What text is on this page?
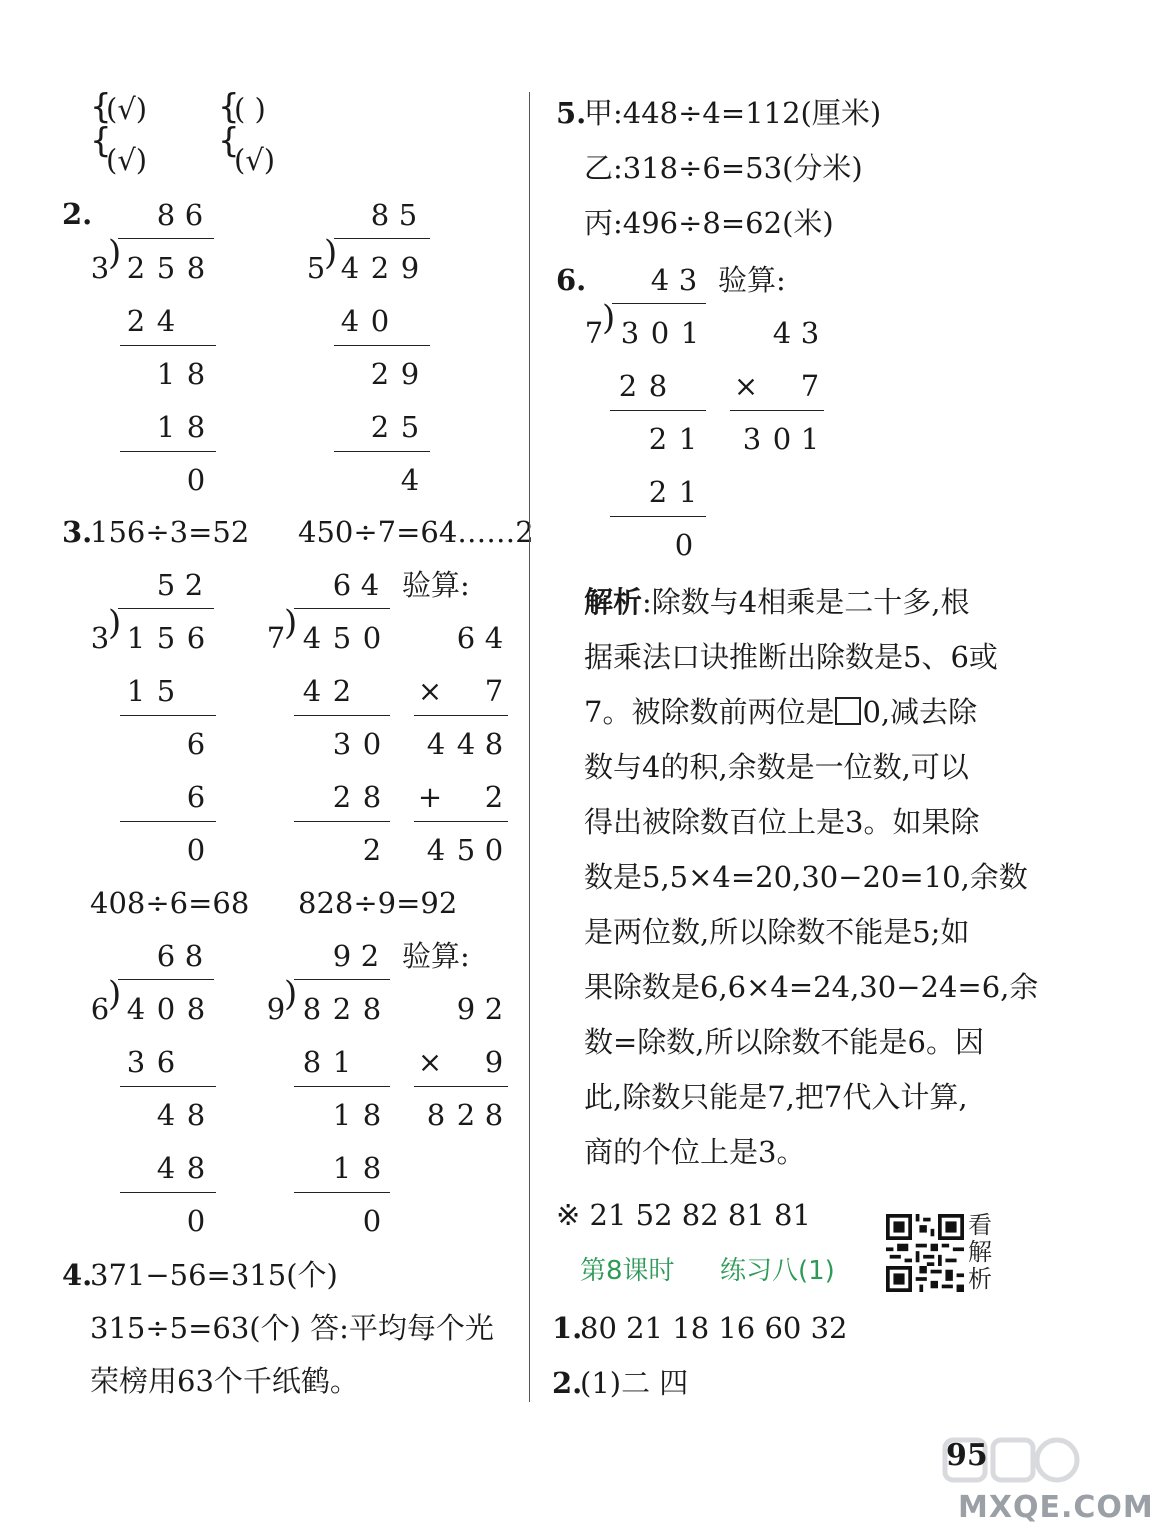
{
{
(√)
(√)
{
{
( )
(√)
2. 8 6
)
3 2 5 8
2 4
1 8
1 8
0
8 5
)
5 4 2 9
4 0
2 9
2 5
4
3.
156÷3=52 450÷7=64……2
5 2
)
3 1 5 6
1 5
6
6
0
6 4 验算:
)
7 4 5 0
4 2
3 0
2 8
2
6 4
× 7
4 4 8
+ 2
4 5 0
408÷6=68 828÷9=92
6 8
)
6 4 0 8
3 6
4 8
4 8
0
9 2 验算:
)
9 8 2 8
8 1
1 8
1 8
0
9 2
× 9
8 2 8
4.
371−56=315(个)
315÷5=63(个) 答:平均每个光
荣榜用63个千纸鹤。
5.
甲:448÷4=112(厘米)
乙:318÷6=53(分米)
丙:496÷8=62(米)
6. 4 3 验算:
)
7 3 0 1
2 8
2 1
2 1
0
4 3
× 7
3 0 1
解析:除数与4相乘是二十多,根
据乘法口诀推断出除数是5、6或
7。被除数前两位是 0,减去除
数与4的积,余数是一位数,可以
得出被除数百位上是3。如果除
数是5,5×4=20,30−20=10,余数
是两位数,所以除数不能是5;如
果除数是6,6×4=24,30−24=6,余
数=除数,所以除数不能是6。因
此,除数只能是7,把7代入计算,
商的个位上是3。
※ 21 52 82 81 81
第8课时 练习八(1)
看解析
1.
80 21 18 16 60 32
2.
(1)二 四
95
MXQE.COM
